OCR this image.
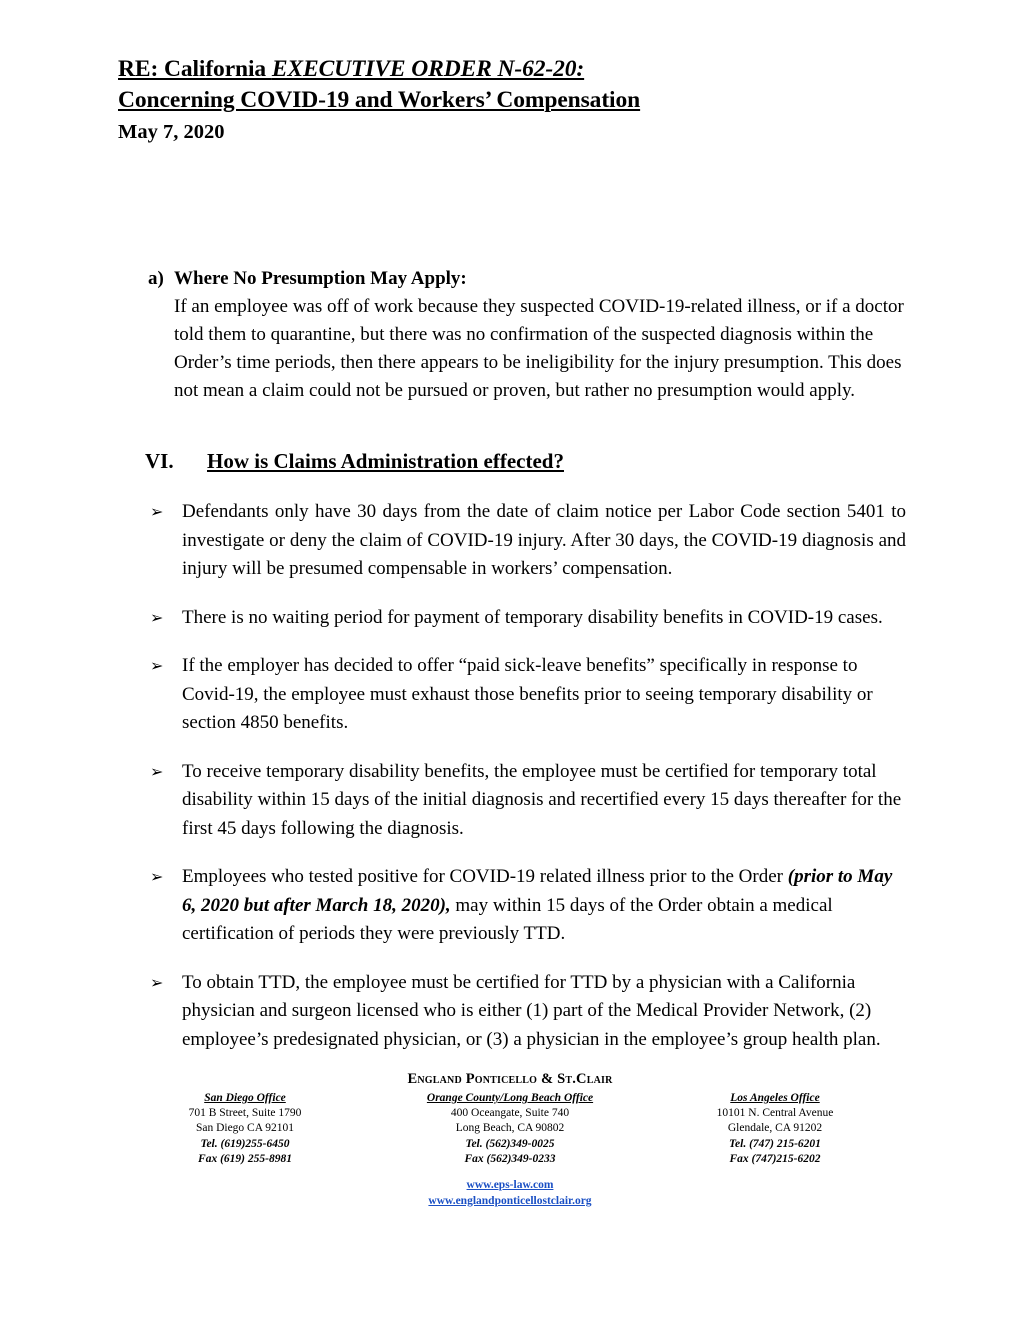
RE: California EXECUTIVE ORDER N-62-20:
Concerning COVID-19 and Workers’ Compensation
May 7, 2020
a) Where No Presumption May Apply:
If an employee was off of work because they suspected COVID-19-related illness, or if a doctor told them to quarantine, but there was no confirmation of the suspected diagnosis within the Order’s time periods, then there appears to be ineligibility for the injury presumption. This does not mean a claim could not be pursued or proven, but rather no presumption would apply.
VI. How is Claims Administration effected?
➢ Defendants only have 30 days from the date of claim notice per Labor Code section 5401 to investigate or deny the claim of COVID-19 injury. After 30 days, the COVID-19 diagnosis and injury will be presumed compensable in workers’ compensation.
➢ There is no waiting period for payment of temporary disability benefits in COVID-19 cases.
➢ If the employer has decided to offer “paid sick-leave benefits” specifically in response to Covid-19, the employee must exhaust those benefits prior to seeing temporary disability or section 4850 benefits.
➢ To receive temporary disability benefits, the employee must be certified for temporary total disability within 15 days of the initial diagnosis and recertified every 15 days thereafter for the first 45 days following the diagnosis.
➢ Employees who tested positive for COVID-19 related illness prior to the Order (prior to May 6, 2020 but after March 18, 2020), may within 15 days of the Order obtain a medical certification of periods they were previously TTD.
➢ To obtain TTD, the employee must be certified for TTD by a physician with a California physician and surgeon licensed who is either (1) part of the Medical Provider Network, (2) employee’s predesignated physician, or (3) a physician in the employee’s group health plan.
England Ponticello & St.Clair
San Diego Office
701 B Street, Suite 1790
San Diego CA 92101
Tel. (619)255-6450
Fax (619) 255-8981
Orange County/Long Beach Office
400 Oceangate, Suite 740
Long Beach, CA 90802
Tel. (562)349-0025
Fax (562)349-0233
Los Angeles Office
10101 N. Central Avenue
Glendale, CA 91202
Tel. (747) 215-6201
Fax (747)215-6202
www.eps-law.com
www.englandponticellostclair.org
